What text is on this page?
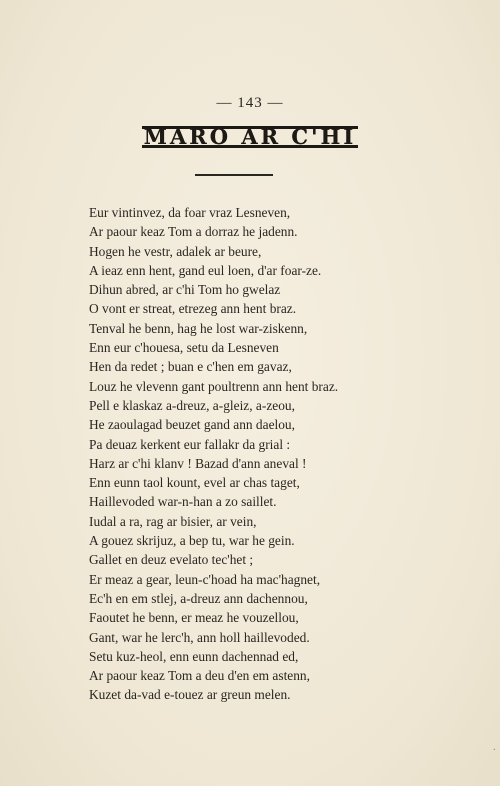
— 143 —
MARO AR C'HI
Eur vintinvez, da foar vraz Lesneven,
Ar paour keaz Tom a dorraz he jadenn.
Hogen he vestr, adalek ar beure,
A ieaz enn hent, gand eul loen, d'ar foar-ze.
Dihun abred, ar c'hi Tom ho gwelaz
O vont er streat, etrezeg ann hent braz.
Tenval he benn, hag he lost war-ziskenn,
Enn eur c'houesa, setu da Lesneven
Hen da redet ; buan e c'hen em gavaz,
Louz he vlevenn gant poultrenn ann hent braz.
Pell e klaskaz a-dreuz, a-gleiz, a-zeou,
He zaoulagad beuzet gand ann daelou,
Pa deuaz kerkent eur fallakr da grial :
Harz ar c'hi klanv ! Bazad d'ann aneval !
Enn eunn taol kount, evel ar chas taget,
Haillevoded war-n-han a zo saillet.
Iudal a ra, rag ar bisier, ar vein,
A gouez skrijuz, a bep tu, war he gein.
Gallet en deuz evelato tec'het ;
Er meaz a gear, leun-c'hoad ha mac'hagnet,
Ec'h en em stlej, a-dreuz ann dachennou,
Faoutet he benn, er meaz he vouzellou,
Gant, war he lerc'h, ann holl haillevoded.
Setu kuz-heol, enn eunn dachennad ed,
Ar paour keaz Tom a deu d'en em astenn,
Kuzet da-vad e-touez ar greun melen.
·
